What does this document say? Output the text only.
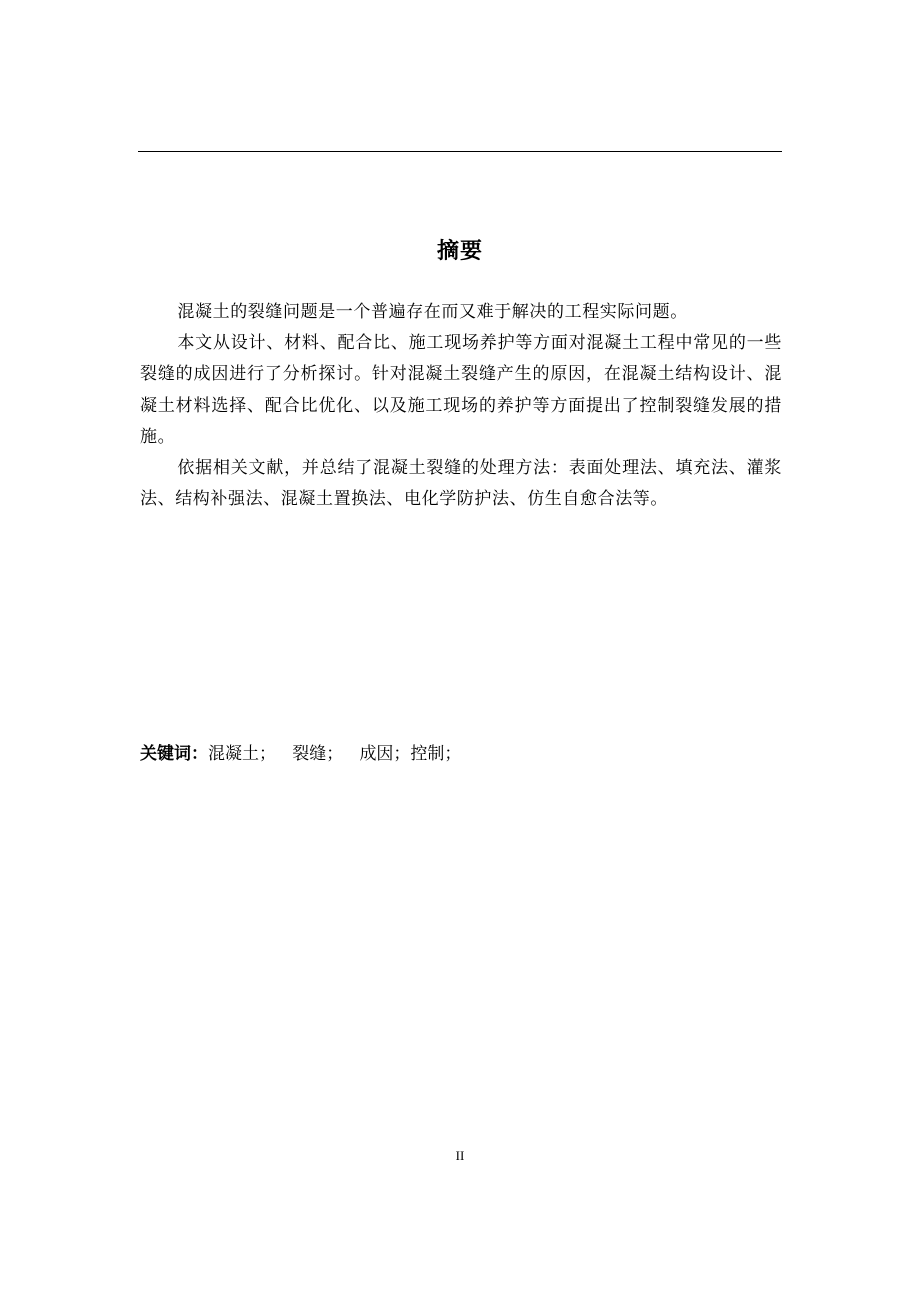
摘要

混凝土的裂缝问题是一个普遍存在而又难于解决的工程实际问题。

本文从设计、材料、配合比、施工现场养护等方面对混凝土工程中常见的一些裂缝的成因进行了分析探讨。针对混凝土裂缝产生的原因，在混凝土结构设计、混凝土材料选择、配合比优化、以及施工现场的养护等方面提出了控制裂缝发展的措施。

依据相关文献，并总结了混凝土裂缝的处理方法：表面处理法、填充法、灌浆法、结构补强法、混凝土置换法、电化学防护法、仿生自愈合法等。

关键词：混凝土； 裂缝； 成因；控制；
II
